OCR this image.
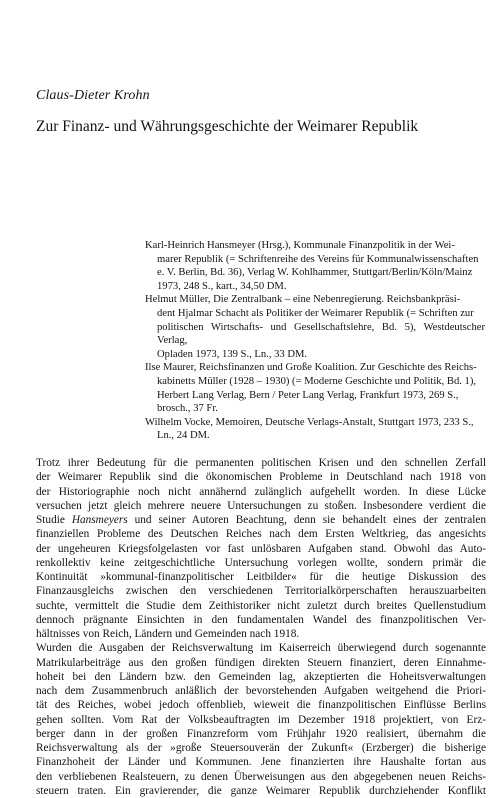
Claus-Dieter Krohn
Zur Finanz- und Währungsgeschichte der Weimarer Republik

Karl-Heinrich Hansmeyer (Hrsg.), Kommunale Finanzpolitik in der Wei-
marer Republik (= Schriftenreihe des Vereins für Kommunalwissenschaften
e. V. Berlin, Bd. 36), Verlag W. Kohlhammer, Stuttgart/Berlin/Köln/Mainz
1973, 248 S., kart., 34,50 DM.

Helmut Müller, Die Zentralbank – eine Nebenregierung. Reichsbankpräsi-
dent Hjalmar Schacht als Politiker der Weimarer Republik (= Schriften zur
politischen Wirtschafts- und Gesellschaftslehre, Bd. 5), Westdeutscher Verlag,
Opladen 1973, 139 S., Ln., 33 DM.

Ilse Maurer, Reichsfinanzen und Große Koalition. Zur Geschichte des Reichs-
kabinetts Müller (1928 – 1930) (= Moderne Geschichte und Politik, Bd. 1),
Herbert Lang Verlag, Bern / Peter Lang Verlag, Frankfurt 1973, 269 S.,
brosch., 37 Fr.

Wilhelm Vocke, Memoiren, Deutsche Verlags-Anstalt, Stuttgart 1973, 233 S.,
Ln., 24 DM.

Trotz ihrer Bedeutung für die permanenten politischen Krisen und den schnellen Zerfall
der Weimarer Republik sind die ökonomischen Probleme in Deutschland nach 1918 von
der Historiographie noch nicht annähernd zulänglich aufgehellt worden. In diese Lücke
versuchen jetzt gleich mehrere neuere Untersuchungen zu stoßen. Insbesondere verdient die
Studie Hansmeyers und seiner Autoren Beachtung, denn sie behandelt eines der zentralen
finanziellen Probleme des Deutschen Reiches nach dem Ersten Weltkrieg, das angesichts
der ungeheuren Kriegsfolgelasten vor fast unlösbaren Aufgaben stand. Obwohl das Auto-
renkollektiv keine zeitgeschichtliche Untersuchung vorlegen wollte, sondern primär die
Kontinuität »kommunal-finanzpolitischer Leitbilder« für die heutige Diskussion des
Finanzausgleichs zwischen den verschiedenen Territorialkörperschaften herauszuarbeiten
suchte, vermittelt die Studie dem Zeithistoriker nicht zuletzt durch breites Quellenstudium
dennoch prägnante Einsichten in den fundamentalen Wandel des finanzpolitischen Ver-
hältnisses von Reich, Ländern und Gemeinden nach 1918.
Wurden die Ausgaben der Reichsverwaltung im Kaiserreich überwiegend durch sogenannte
Matrikularbeiträge aus den großen fündigen direkten Steuern finanziert, deren Einnahme-
hoheit bei den Ländern bzw. den Gemeinden lag, akzeptierten die Hoheitsverwaltungen
nach dem Zusammenbruch anläßlich der bevorstehenden Aufgaben weitgehend die Priori-
tät des Reiches, wobei jedoch offenblieb, wieweit die finanzpolitischen Einflüsse Berlins
gehen sollten. Vom Rat der Volksbeauftragten im Dezember 1918 projektiert, von Erz-
berger dann in der großen Finanzreform vom Frühjahr 1920 realisiert, übernahm die
Reichsverwaltung als der »große Steuersouverän der Zukunft« (Erzberger) die bisherige
Finanzhoheit der Länder und Kommunen. Jene finanzierten ihre Haushalte fortan aus
den verbliebenen Realsteuern, zu denen Überweisungen aus den abgegebenen neuen Reichs-
steuern traten. Ein gravierender, die ganze Weimarer Republik durchziehender Konflikt
